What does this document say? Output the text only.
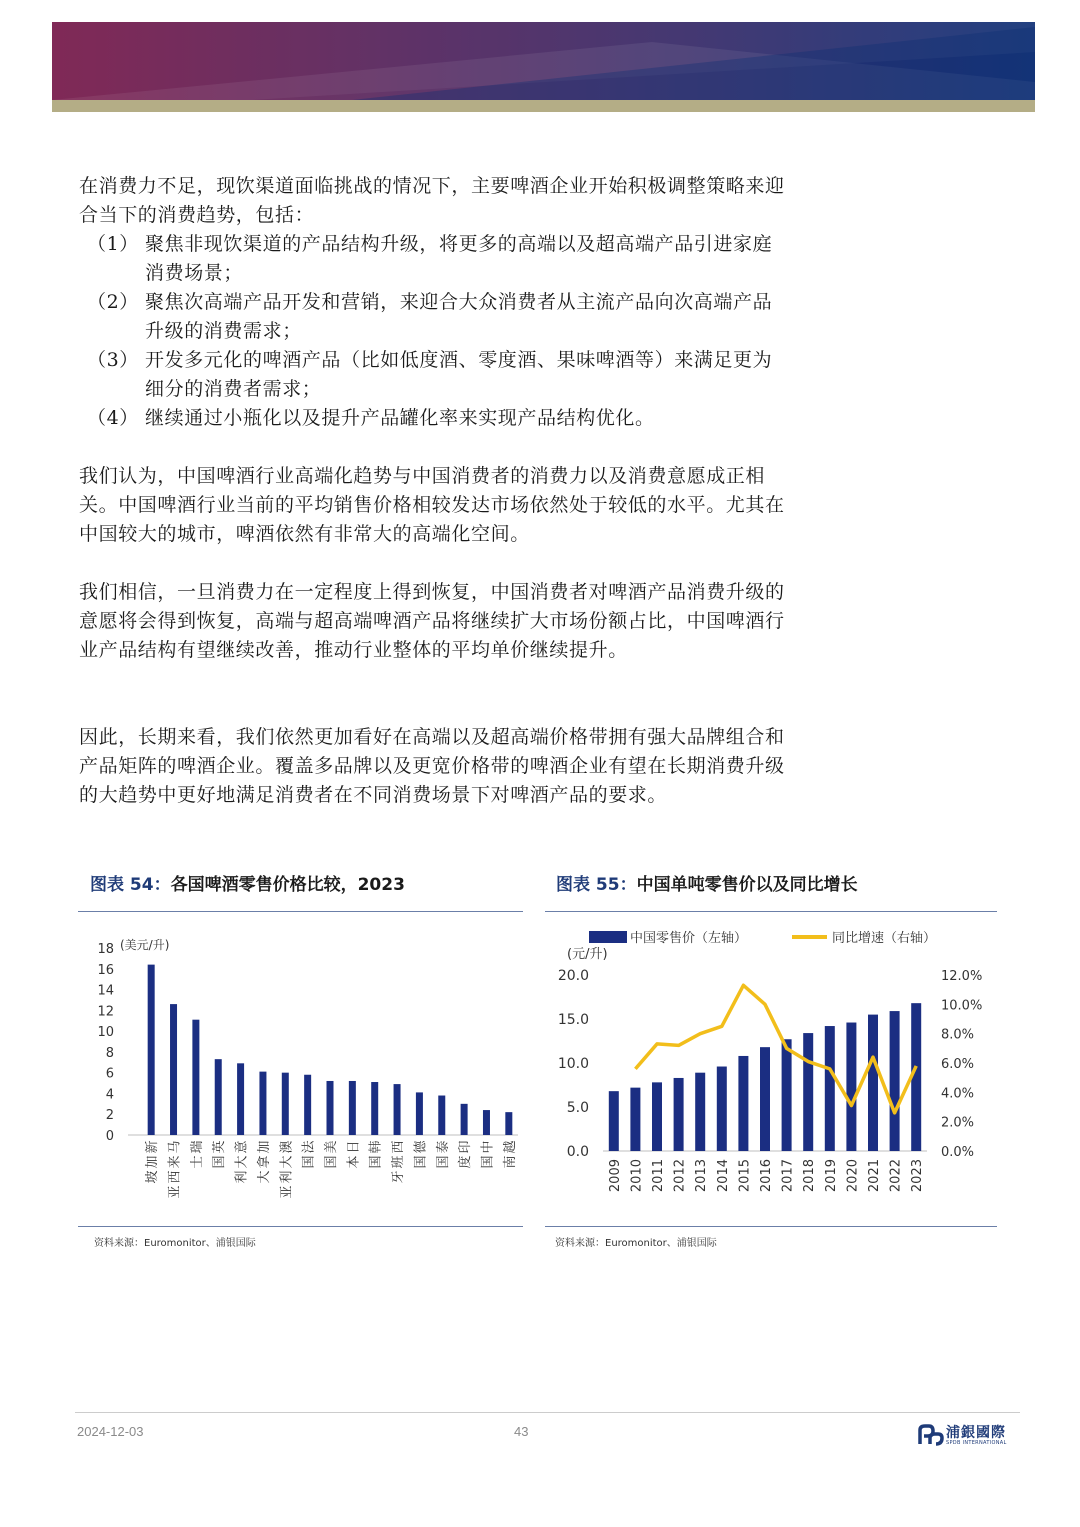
在消费力不足，现饮渠道面临挑战的情况下，主要啤酒企业开始积极调整策略来迎合当下的消费趋势，包括：

（1） 聚焦非现饮渠道的产品结构升级，将更多的高端以及超高端产品引进家庭消费场景；
（2） 聚焦次高端产品开发和营销，来迎合大众消费者从主流产品向次高端产品升级的消费需求；
（3） 开发多元化的啤酒产品（比如低度酒、零度酒、果味啤酒等）来满足更为细分的消费者需求；
（4） 继续通过小瓶化以及提升产品罐化率来实现产品结构优化。

我们认为，中国啤酒行业高端化趋势与中国消费者的消费力以及消费意愿成正相关。中国啤酒行业当前的平均销售价格相较发达市场依然处于较低的水平。尤其在中国较大的城市，啤酒依然有非常大的高端化空间。

我们相信，一旦消费力在一定程度上得到恢复，中国消费者对啤酒产品消费升级的意愿将会得到恢复，高端与超高端啤酒产品将继续扩大市场份额占比，中国啤酒行业产品结构有望继续改善，推动行业整体的平均单价继续提升。

因此，长期来看，我们依然更加看好在高端以及超高端价格带拥有强大品牌组合和产品矩阵的啤酒企业。覆盖多品牌以及更宽价格带的啤酒企业有望在长期消费升级的大趋势中更好地满足消费者在不同消费场景下对啤酒产品的要求。

图表 54：各国啤酒零售价格比较，2023
0
2
4
6
8
10
12
14
16
18 (美元/升)
新
加
坡
马
来
西
亚
瑞
士
英
国
意
大
利
加
拿
大
澳
大
利
亚
法
国
美
国
日
本
韩
国
西
班
牙
德
国
泰
国
印
度
中
国
越
南
资料来源：Euromonitor、浦银国际
图表 55：中国单吨零售价以及同比增长
中国零售价（左轴）	同比增速（右轴）
(元/升)
0.0
5.0
10.0
15.0
20.0
0.0%
2.0%
4.0%
6.0%
8.0%
10.0%
12.0%
2009 2010 2011 2012 2013 2014 2015 2016 2017 2018 2019 2020 2021 2022 2023
资料来源：Euromonitor、浦银国际
2024-12-03	43	浦銀國際
SPDB INTERNATIONAL
